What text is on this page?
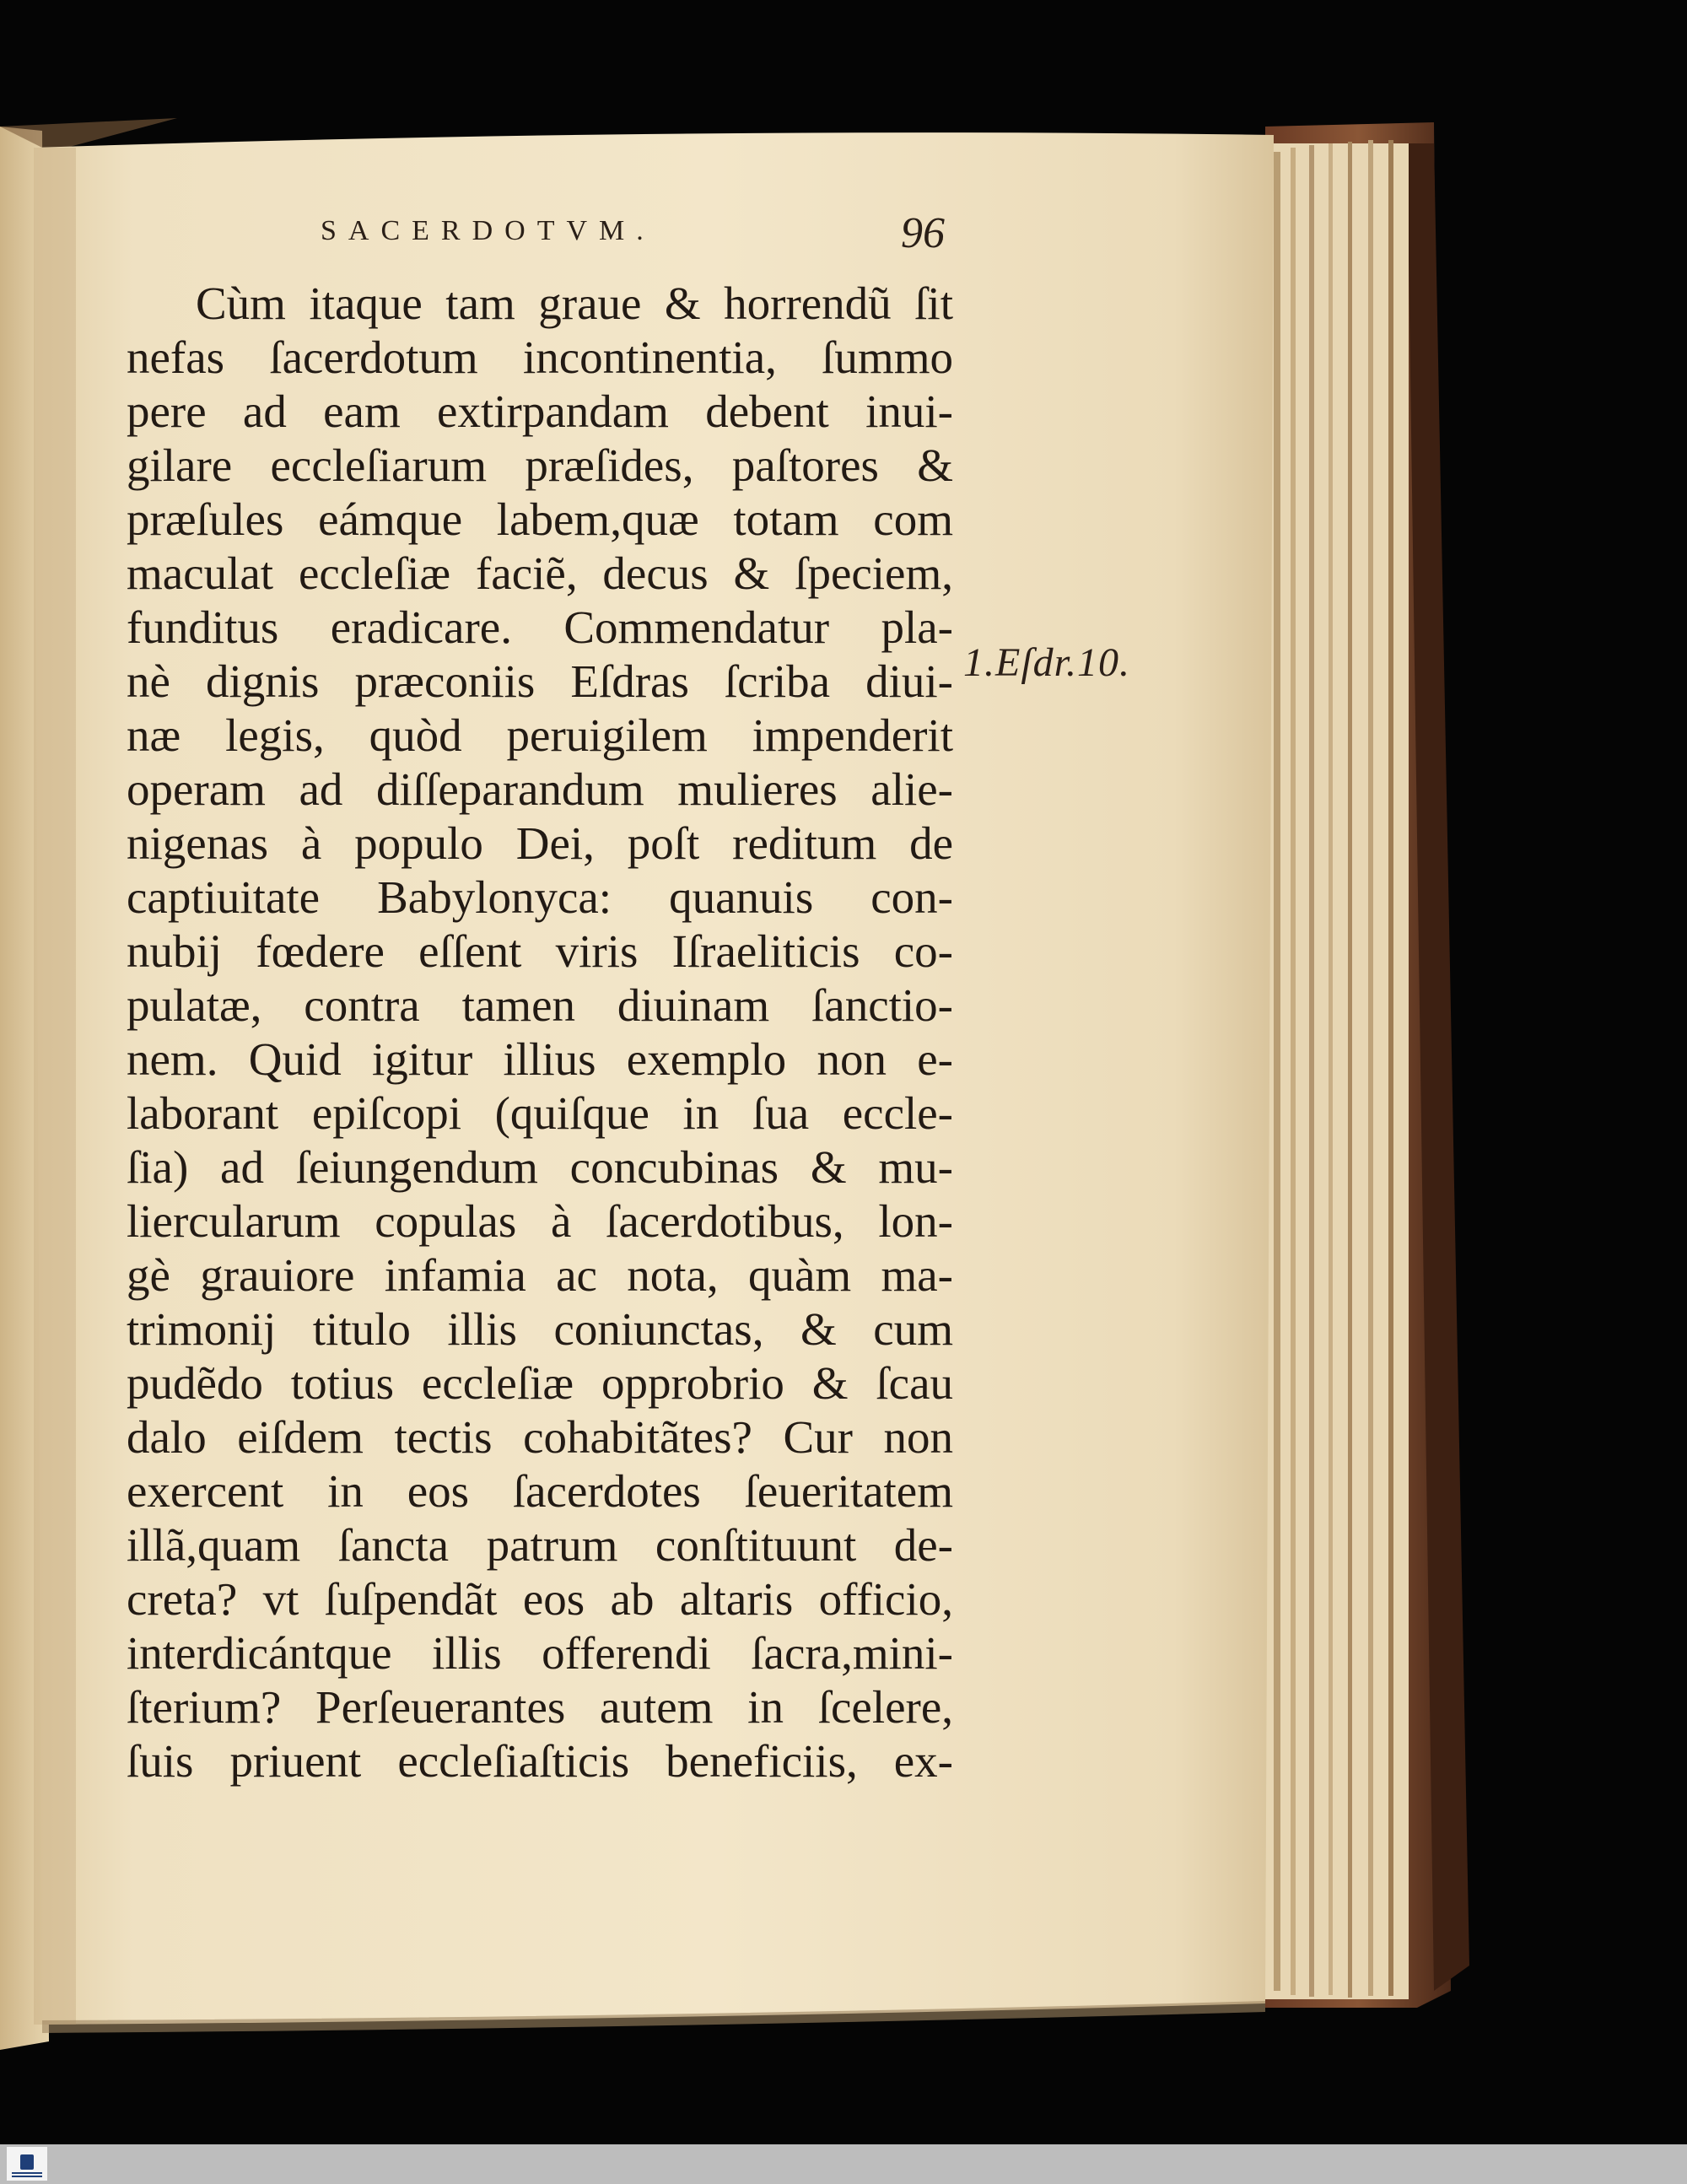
SACERDOTVM.	96
Cùm itaque tam graue & horrendũ ſit
nefas ſacerdotum incontinentia, ſummo
pere ad eam extirpandam debent inui-
gilare eccleſiarum præſides, paſtores &
præſules eámque labem,quæ totam com
maculat eccleſiæ faciẽ, decus & ſpeciem,
funditus eradicare. Commendatur pla-
nè dignis præconiis Eſdras ſcriba diui-
næ legis, quòd peruigilem impenderit
operam ad diſſeparandum mulieres alie-
nigenas à populo Dei, poſt reditum de
captiuitate Babylonyca: quanuis con-
nubij fœdere eſſent viris Iſraeliticis co-
pulatæ, contra tamen diuinam ſanctio-
nem. Quid igitur illius exemplo non e-
laborant epiſcopi (quiſque in ſua eccle-
ſia) ad ſeiungendum concubinas & mu-
liercularum copulas à ſacerdotibus, lon-
gè grauiore infamia ac nota, quàm ma-
trimonij titulo illis coniunctas, & cum
pudẽdo totius eccleſiæ opprobrio & ſcau
dalo eiſdem tectis cohabitãtes? Cur non
exercent in eos ſacerdotes ſeueritatem
illã,quam ſancta patrum conſtituunt de-
creta? vt ſuſpendãt eos ab altaris officio,
interdicántque illis offerendi ſacra,mini-
ſterium? Perſeuerantes autem in ſcelere,
ſuis priuent eccleſiaſticis beneficiis, ex-
1.Eſdr.10.
